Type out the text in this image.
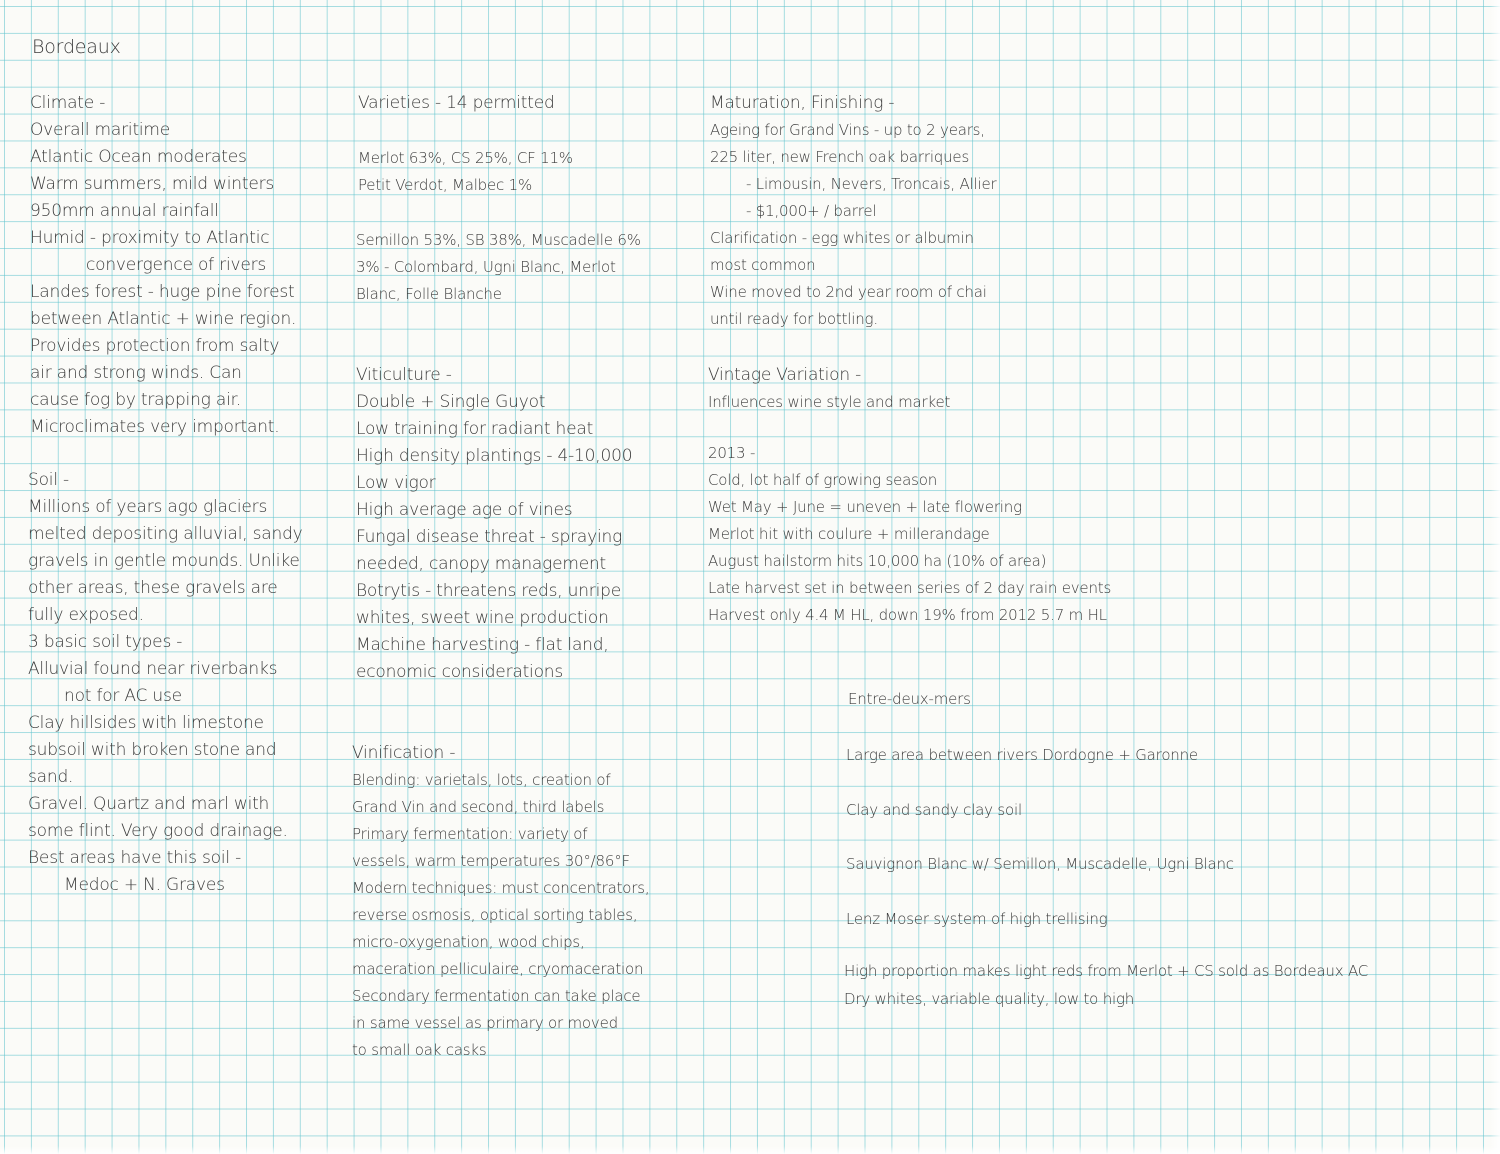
Bordeaux
Climate -
Overall maritime
Atlantic Ocean moderates
Warm summers, mild winters
950mm annual rainfall
Humid - proximity to Atlantic
convergence of rivers
Landes forest - huge pine forest
between Atlantic + wine region.
Provides protection from salty
air and strong winds. Can
cause fog by trapping air.
Microclimates very important.
Soil -
Millions of years ago glaciers
melted depositing alluvial, sandy
gravels in gentle mounds. Unlike
other areas, these gravels are
fully exposed.
3 basic soil types -
Alluvial found near riverbanks
not for AC use
Clay hillsides with limestone
subsoil with broken stone and
sand.
Gravel. Quartz and marl with
some flint. Very good drainage.
Best areas have this soil -
Medoc + N. Graves
Varieties - 14 permitted
Merlot 63%, CS 25%, CF 11%
Petit Verdot, Malbec 1%
Semillon 53%, SB 38%, Muscadelle 6%
3% - Colombard, Ugni Blanc, Merlot
Blanc, Folle Blanche
Viticulture -
Double + Single Guyot
Low training for radiant heat
High density plantings - 4-10,000
Low vigor
High average age of vines
Fungal disease threat - spraying
needed, canopy management
Botrytis - threatens reds, unripe
whites, sweet wine production
Machine harvesting - flat land,
economic considerations
Vinification -
Blending: varietals, lots, creation of
Grand Vin and second, third labels
Primary fermentation: variety of
vessels, warm temperatures 30°/86°F
Modern techniques: must concentrators,
reverse osmosis, optical sorting tables,
micro-oxygenation, wood chips,
maceration pelliculaire, cryomaceration
Secondary fermentation can take place
in same vessel as primary or moved
to small oak casks
Maturation, Finishing -
Ageing for Grand Vins - up to 2 years,
225 liter, new French oak barriques
- Limousin, Nevers, Troncais, Allier
- $1,000+ / barrel
Clarification - egg whites or albumin
most common
Wine moved to 2nd year room of chai
until ready for bottling.
Vintage Variation -
Influences wine style and market
2013 -
Cold, lot half of growing season
Wet May + June = uneven + late flowering
Merlot hit with coulure + millerandage
August hailstorm hits 10,000 ha (10% of area)
Late harvest set in between series of 2 day rain events
Harvest only 4.4 M HL, down 19% from 2012 5.7 m HL
Entre-deux-mers
Large area between rivers Dordogne + Garonne
Clay and sandy clay soil
Sauvignon Blanc w/ Semillon, Muscadelle, Ugni Blanc
Lenz Moser system of high trellising
High proportion makes light reds from Merlot + CS sold as Bordeaux AC
Dry whites, variable quality, low to high
